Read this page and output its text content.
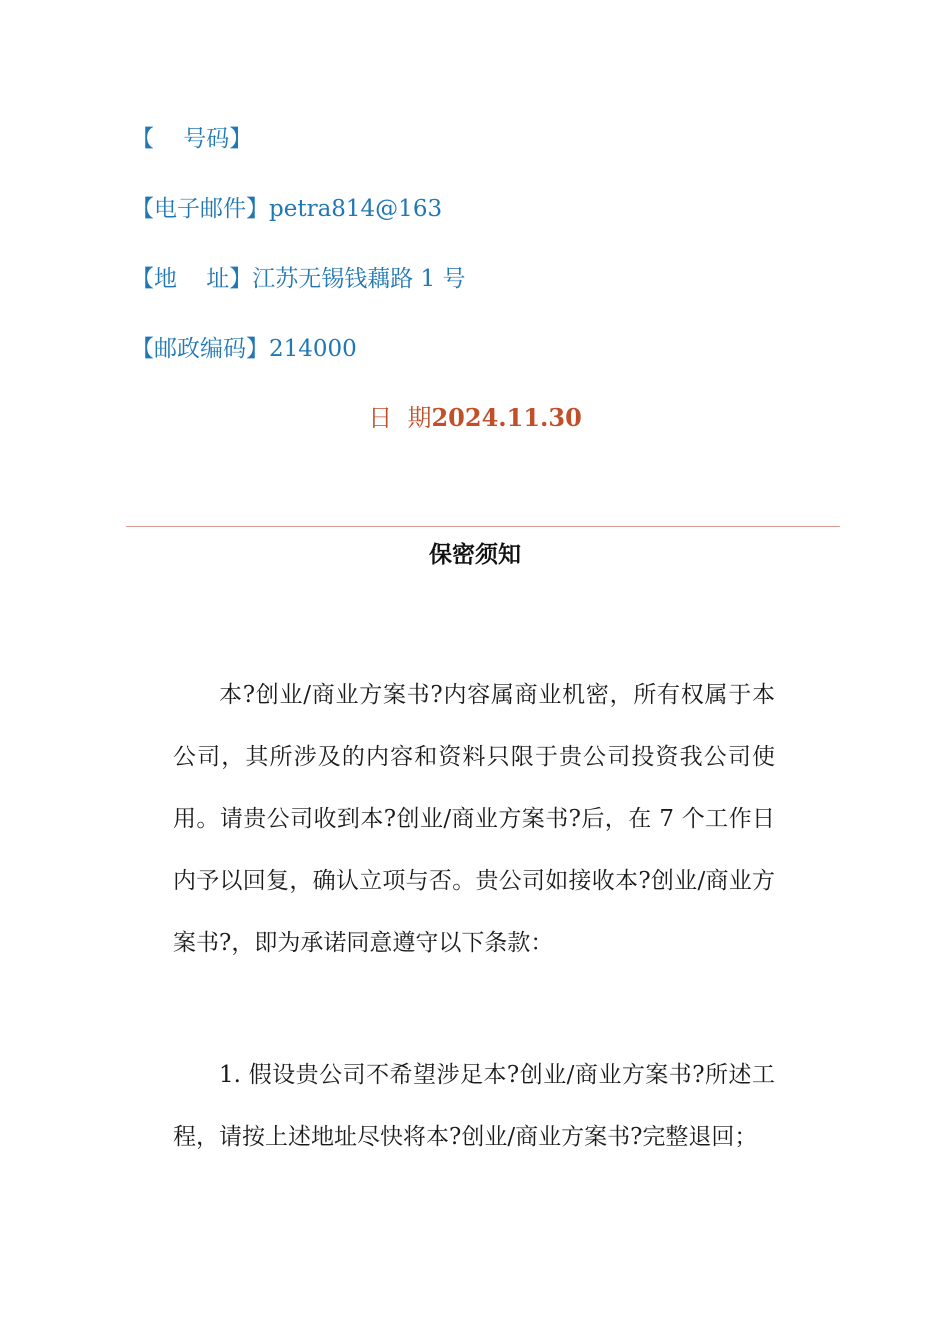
【    号码】
【电子邮件】petra814@163
【地    址】江苏无锡钱藕路 1 号
【邮政编码】214000
日  期2024.11.30
保密须知

本?创业/商业方案书?内容属商业机密，所有权属于本公司，其所涉及的内容和资料只限于贵公司投资我公司使用。请贵公司收到本?创业/商业方案书?后，在 7 个工作日内予以回复，确认立项与否。贵公司如接收本?创业/商业方案书?，即为承诺同意遵守以下条款：

1. 假设贵公司不希望涉足本?创业/商业方案书?所述工程，请按上述地址尽快将本?创业/商业方案书?完整退回；
